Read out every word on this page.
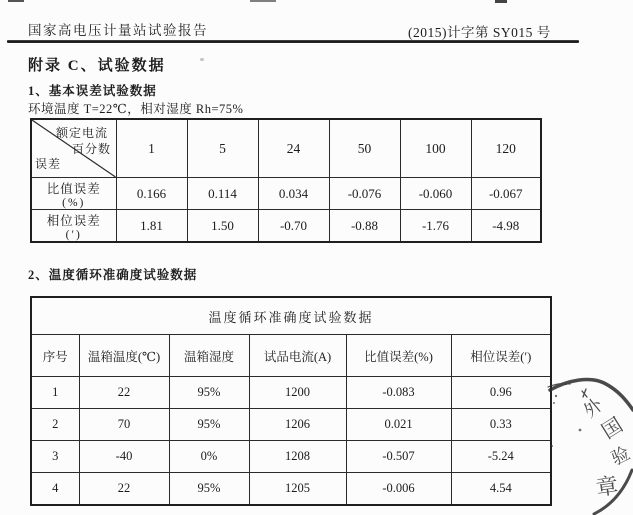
国家高电压计量站试验报告	(2015)计字第 SY015 号
附录 C、试验数据
1、基本误差试验数据
环境温度 T=22℃，相对湿度 Rh=75%
额定电流
百分数
误差	1	5	24	50	100	120

比值误差
(%)	0.166	0.114	0.034	-0.076	-0.060	-0.067

相位误差
(′)	1.81	1.50	-0.70	-0.88	-1.76	-4.98
2、温度循环准确度试验数据
温度循环准确度试验数据					
序号	温箱温度(℃)	温箱湿度	试品电流(A)	比值误差(%)	相位误差(′)
1	22	95%	1200	-0.083	0.96
2	70	95%	1206	0.021	0.33
3	-40	0%	1208	-0.507	-5.24
4	22	95%	1205	-0.006	4.54
外
国
验
章
